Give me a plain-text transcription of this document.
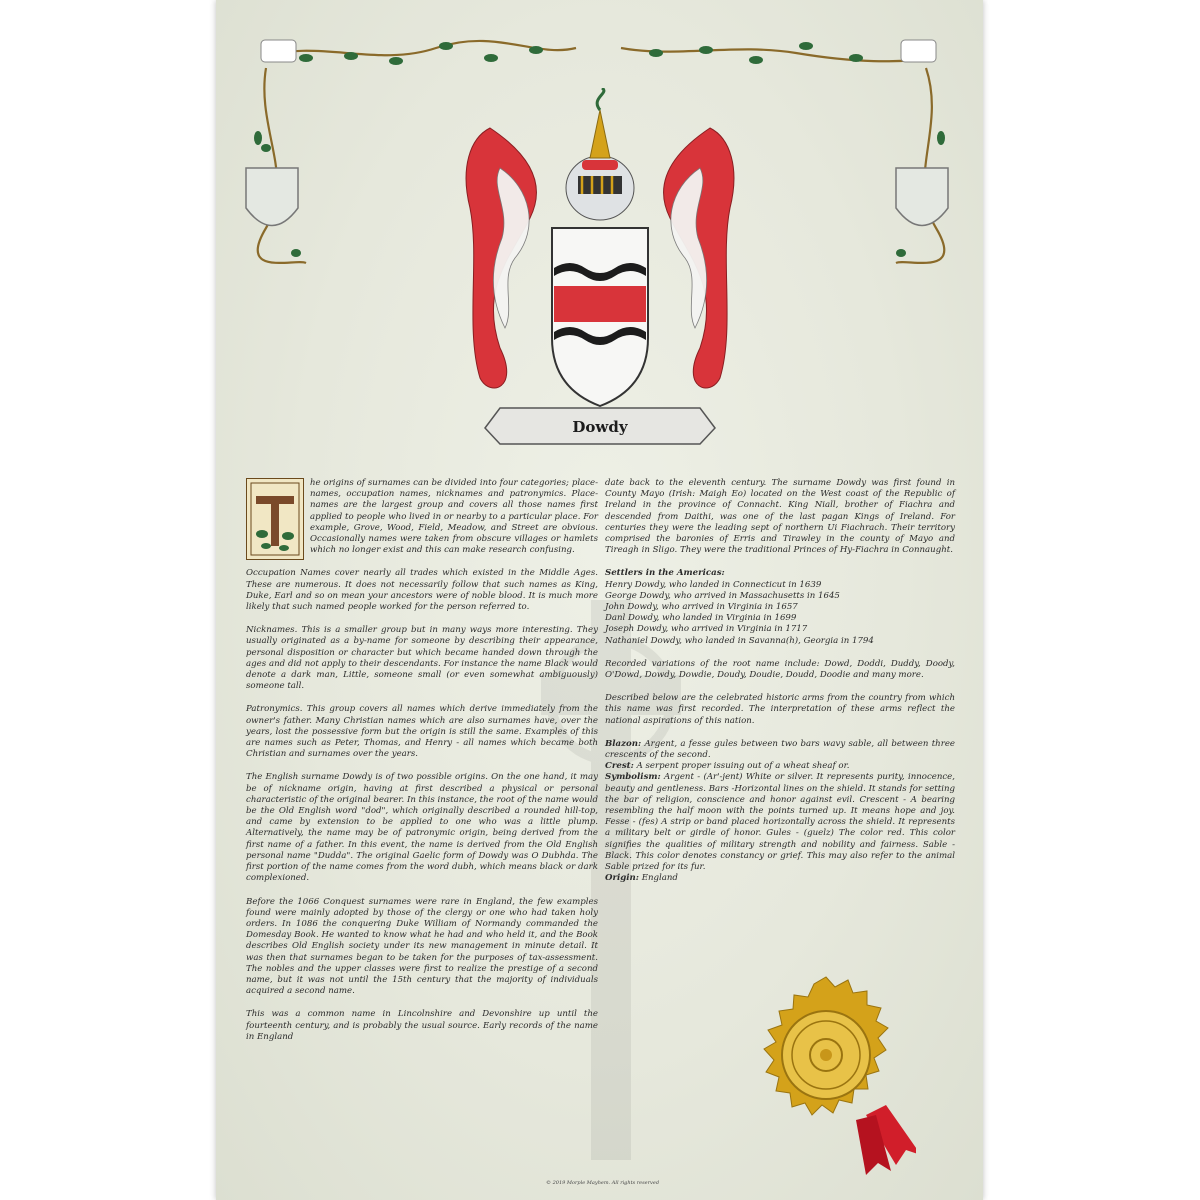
Dowdy

he origins of surnames can be divided into four categories; place-names, occupation names, nicknames and patronymics. Place-names are the largest group and covers all those names first applied to people who lived in or nearby to a particular place. For example, Grove, Wood, Field, Meadow, and Street are obvious. Occasionally names were taken from obscure villages or hamlets which no longer exist and this can make research confusing.

Occupation Names cover nearly all trades which existed in the Middle Ages. These are numerous. It does not necessarily follow that such names as King, Duke, Earl and so on mean your ancestors were of noble blood. It is much more likely that such named people worked for the person referred to.

Nicknames. This is a smaller group but in many ways more interesting. They usually originated as a by-name for someone by describing their appearance, personal disposition or character but which became handed down through the ages and did not apply to their descendants. For instance the name Black would denote a dark man, Little, someone small (or even somewhat ambiguously) someone tall.

Patronymics. This group covers all names which derive immediately from the owner's father. Many Christian names which are also surnames have, over the years, lost the possessive form but the origin is still the same. Examples of this are names such as Peter, Thomas, and Henry - all names which became both Christian and surnames over the years.

The English surname Dowdy is of two possible origins. On the one hand, it may be of nickname origin, having at first described a physical or personal characteristic of the original bearer. In this instance, the root of the name would be the Old English word "dod", which originally described a rounded hill-top, and came by extension to be applied to one who was a little plump. Alternatively, the name may be of patronymic origin, being derived from the first name of a father. In this event, the name is derived from the Old English personal name "Dudda". The original Gaelic form of Dowdy was O Dubhda. The first portion of the name comes from the word dubh, which means black or dark complexioned.

Before the 1066 Conquest surnames were rare in England, the few examples found were mainly adopted by those of the clergy or one who had taken holy orders. In 1086 the conquering Duke William of Normandy commanded the Domesday Book. He wanted to know what he had and who held it, and the Book describes Old English society under its new management in minute detail. It was then that surnames began to be taken for the purposes of tax-assessment. The nobles and the upper classes were first to realize the prestige of a second name, but it was not until the 15th century that the majority of individuals acquired a second name.

This was a common name in Lincolnshire and Devonshire up until the fourteenth century, and is probably the usual source. Early records of the name in England

date back to the eleventh century. The surname Dowdy was first found in County Mayo (Irish: Maigh Eo) located on the West coast of the Republic of Ireland in the province of Connacht. King Niall, brother of Fiachra and descended from Daithi, was one of the last pagan Kings of Ireland. For centuries they were the leading sept of northern Ui Fiachrach. Their territory comprised the baronies of Erris and Tirawley in the county of Mayo and Tireagh in Sligo. They were the traditional Princes of Hy-Fiachra in Connaught.

Settlers in the Americas:

Henry Dowdy, who landed in Connecticut in 1639

George Dowdy, who arrived in Massachusetts in 1645

John Dowdy, who arrived in Virginia in 1657

Danl Dowdy, who landed in Virginia in 1699

Joseph Dowdy, who arrived in Virginia in 1717

Nathaniel Dowdy, who landed in Savanna(h), Georgia in 1794

Recorded variations of the root name include: Dowd, Doddi, Duddy, Doody, O'Dowd, Dowdy, Dowdie, Doudy, Doudie, Doudd, Doodie and many more.

Described below are the celebrated historic arms from the country from which this name was first recorded. The interpretation of these arms reflect the national aspirations of this nation.

Blazon: Argent, a fesse gules between two bars wavy sable, all between three crescents of the second.

Crest: A serpent proper issuing out of a wheat sheaf or.

Symbolism: Argent - (Ar'-jent) White or silver. It represents purity, innocence, beauty and gentleness. Bars -Horizontal lines on the shield. It stands for setting the bar of religion, conscience and honor against evil. Crescent - A bearing resembling the half moon with the points turned up. It means hope and joy. Fesse - (fes) A strip or band placed horizontally across the shield. It represents a military belt or girdle of honor. Gules - (guelz) The color red. This color signifies the qualities of military strength and nobility and fairness. Sable - Black. This color denotes constancy or grief. This may also refer to the animal Sable prized for its fur.

Origin: England

© 2019 Morple Mayhem. All rights reserved
